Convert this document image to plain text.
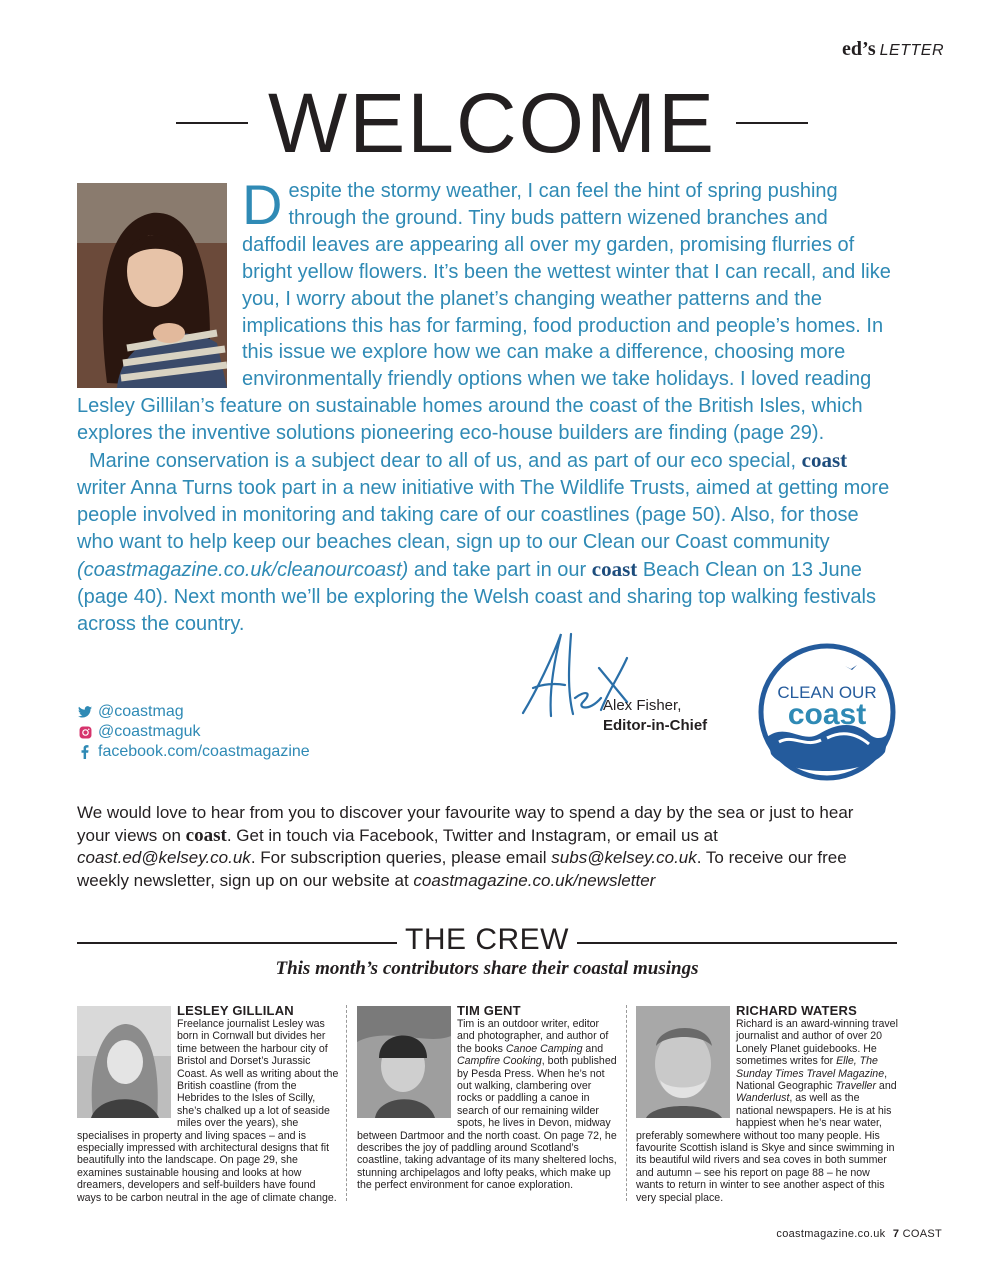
ed’s LETTER
WELCOME

Despite the stormy weather, I can feel the hint of spring pushing through the ground. Tiny buds pattern wizened branches and daffodil leaves are appearing all over my garden, promising flurries of bright yellow flowers. It’s been the wettest winter that I can recall, and like you, I worry about the planet’s changing weather patterns and the implications this has for farming, food production and people’s homes. In this issue we explore how we can make a difference, choosing more environmentally friendly options when we take holidays. I loved reading Lesley Gillilan’s feature on sustainable homes around the coast of the British Isles, which explores the inventive solutions pioneering eco-house builders are finding (page 29).

Marine conservation is a subject dear to all of us, and as part of our eco special, coast writer Anna Turns took part in a new initiative with The Wildlife Trusts, aimed at getting more people involved in monitoring and taking care of our coastlines (page 50). Also, for those who want to help keep our beaches clean, sign up to our Clean our Coast community (coastmagazine.co.uk/cleanourcoast) and take part in our coast Beach Clean on 13 June (page 40). Next month we’ll be exploring the Welsh coast and sharing top walking festivals across the country.

Alex Fisher,
Editor-in-Chief
@coastmag
@coastmaguk
facebook.com/coastmagazine
CLEAN OUR
coast
We would love to hear from you to discover your favourite way to spend a day by the sea or just to hear your views on coast. Get in touch via Facebook, Twitter and Instagram, or email us at coast.ed@kelsey.co.uk. For subscription queries, please email subs@kelsey.co.uk. To receive our free weekly newsletter, sign up on our website at coastmagazine.co.uk/newsletter
THE CREW
This month’s contributors share their coastal musings

LESLEY GILLILAN

Freelance journalist Lesley was born in Cornwall but divides her time between the harbour city of Bristol and Dorset’s Jurassic Coast. As well as writing about the British coastline (from the Hebrides to the Isles of Scilly, she’s chalked up a lot of seaside miles over the years), she specialises in property and living spaces – and is especially impressed with architectural designs that fit beautifully into the landscape. On page 29, she examines sustainable housing and looks at how dreamers, developers and self-builders have found ways to be carbon neutral in the age of climate change.

TIM GENT

Tim is an outdoor writer, editor and photographer, and author of the books Canoe Camping and Campfire Cooking, both published by Pesda Press. When he’s not out walking, clambering over rocks or paddling a canoe in search of our remaining wilder spots, he lives in Devon, midway between Dartmoor and the north coast. On page 72, he describes the joy of paddling around Scotland’s coastline, taking advantage of its many sheltered lochs, stunning archipelagos and lofty peaks, which make up the perfect environment for canoe exploration.

RICHARD WATERS

Richard is an award-winning travel journalist and author of over 20 Lonely Planet guidebooks. He sometimes writes for Elle, The Sunday Times Travel Magazine, National Geographic Traveller and Wanderlust, as well as the national newspapers. He is at his happiest when he’s near water, preferably somewhere without too many people. His favourite Scottish island is Skye and since swimming in its beautiful wild rivers and sea coves in both summer and autumn – see his report on page 88 – he now wants to return in winter to see another aspect of this very special place.

coastmagazine.co.uk 7 COAST
